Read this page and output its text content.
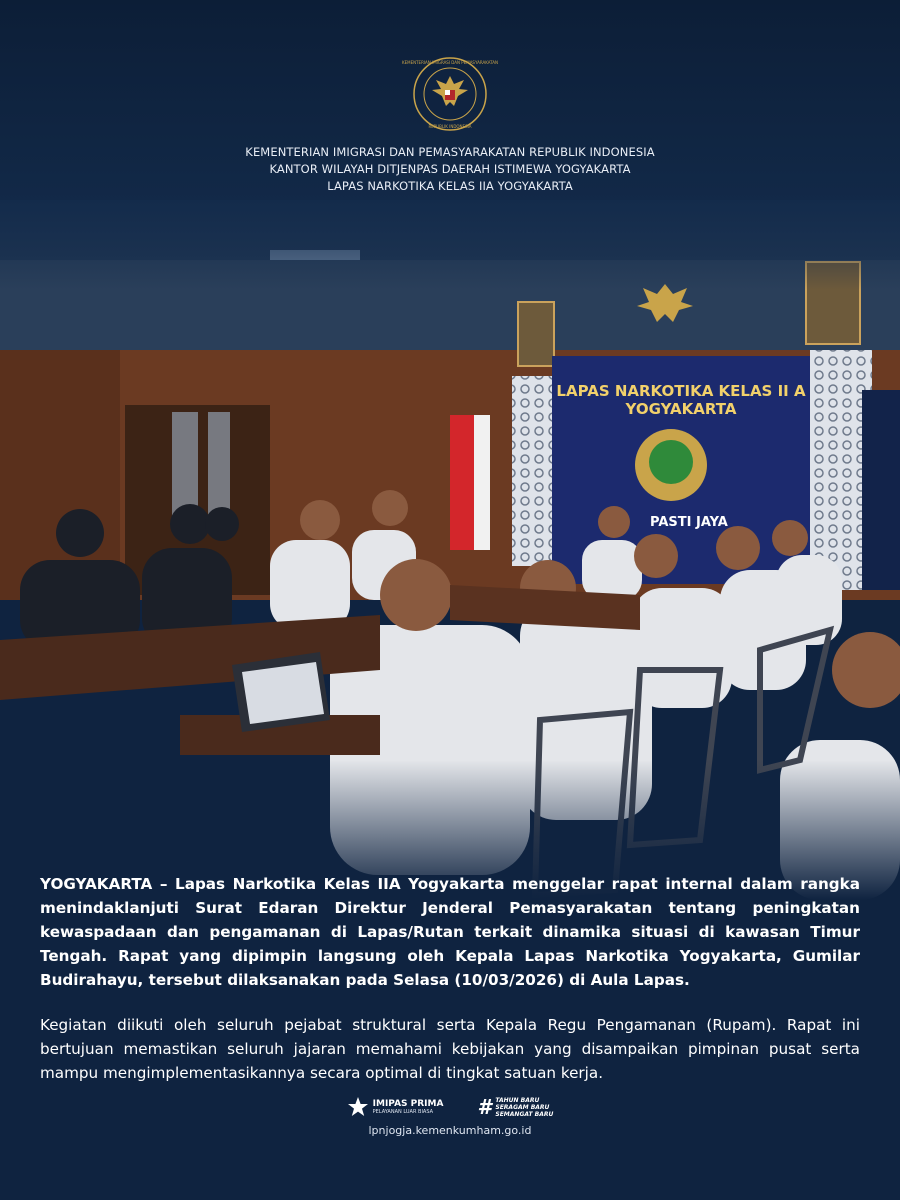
KEMENTERIAN IMIGRASI DAN PEMASYARAKATAN
REPUBLIK INDONESIA
KEMENTERIAN IMIGRASI DAN PEMASYARAKATAN REPUBLIK INDONESIA
KANTOR WILAYAH DITJENPAS DAERAH ISTIMEWA YOGYAKARTA
LAPAS NARKOTIKA KELAS IIA YOGYAKARTA
LAPAS NARKOTIKA KELAS II A
YOGYAKARTA
PASTI JAYA

YOGYAKARTA – Lapas Narkotika Kelas IIA Yogyakarta menggelar rapat internal dalam rangka menindaklanjuti Surat Edaran Direktur Jenderal Pemasyarakatan tentang peningkatan kewaspadaan dan pengamanan di Lapas/Rutan terkait dinamika situasi di kawasan Timur Tengah. Rapat yang dipimpin langsung oleh Kepala Lapas Narkotika Yogyakarta, Gumilar Budirahayu, tersebut dilaksanakan pada Selasa (10/03/2026) di Aula Lapas.

Kegiatan diikuti oleh seluruh pejabat struktural serta Kepala Regu Pengamanan (Rupam). Rapat ini bertujuan memastikan seluruh jajaran memahami kebijakan yang disampaikan pimpinan pusat serta mampu mengimplementasikannya secara optimal di tingkat satuan kerja.

IMIPAS PRIMA
PELAYANAN LUAR BIASA	# TAHUN BARU
SERAGAM BARU
SEMANGAT BARU
lpnjogja.kemenkumham.go.id
